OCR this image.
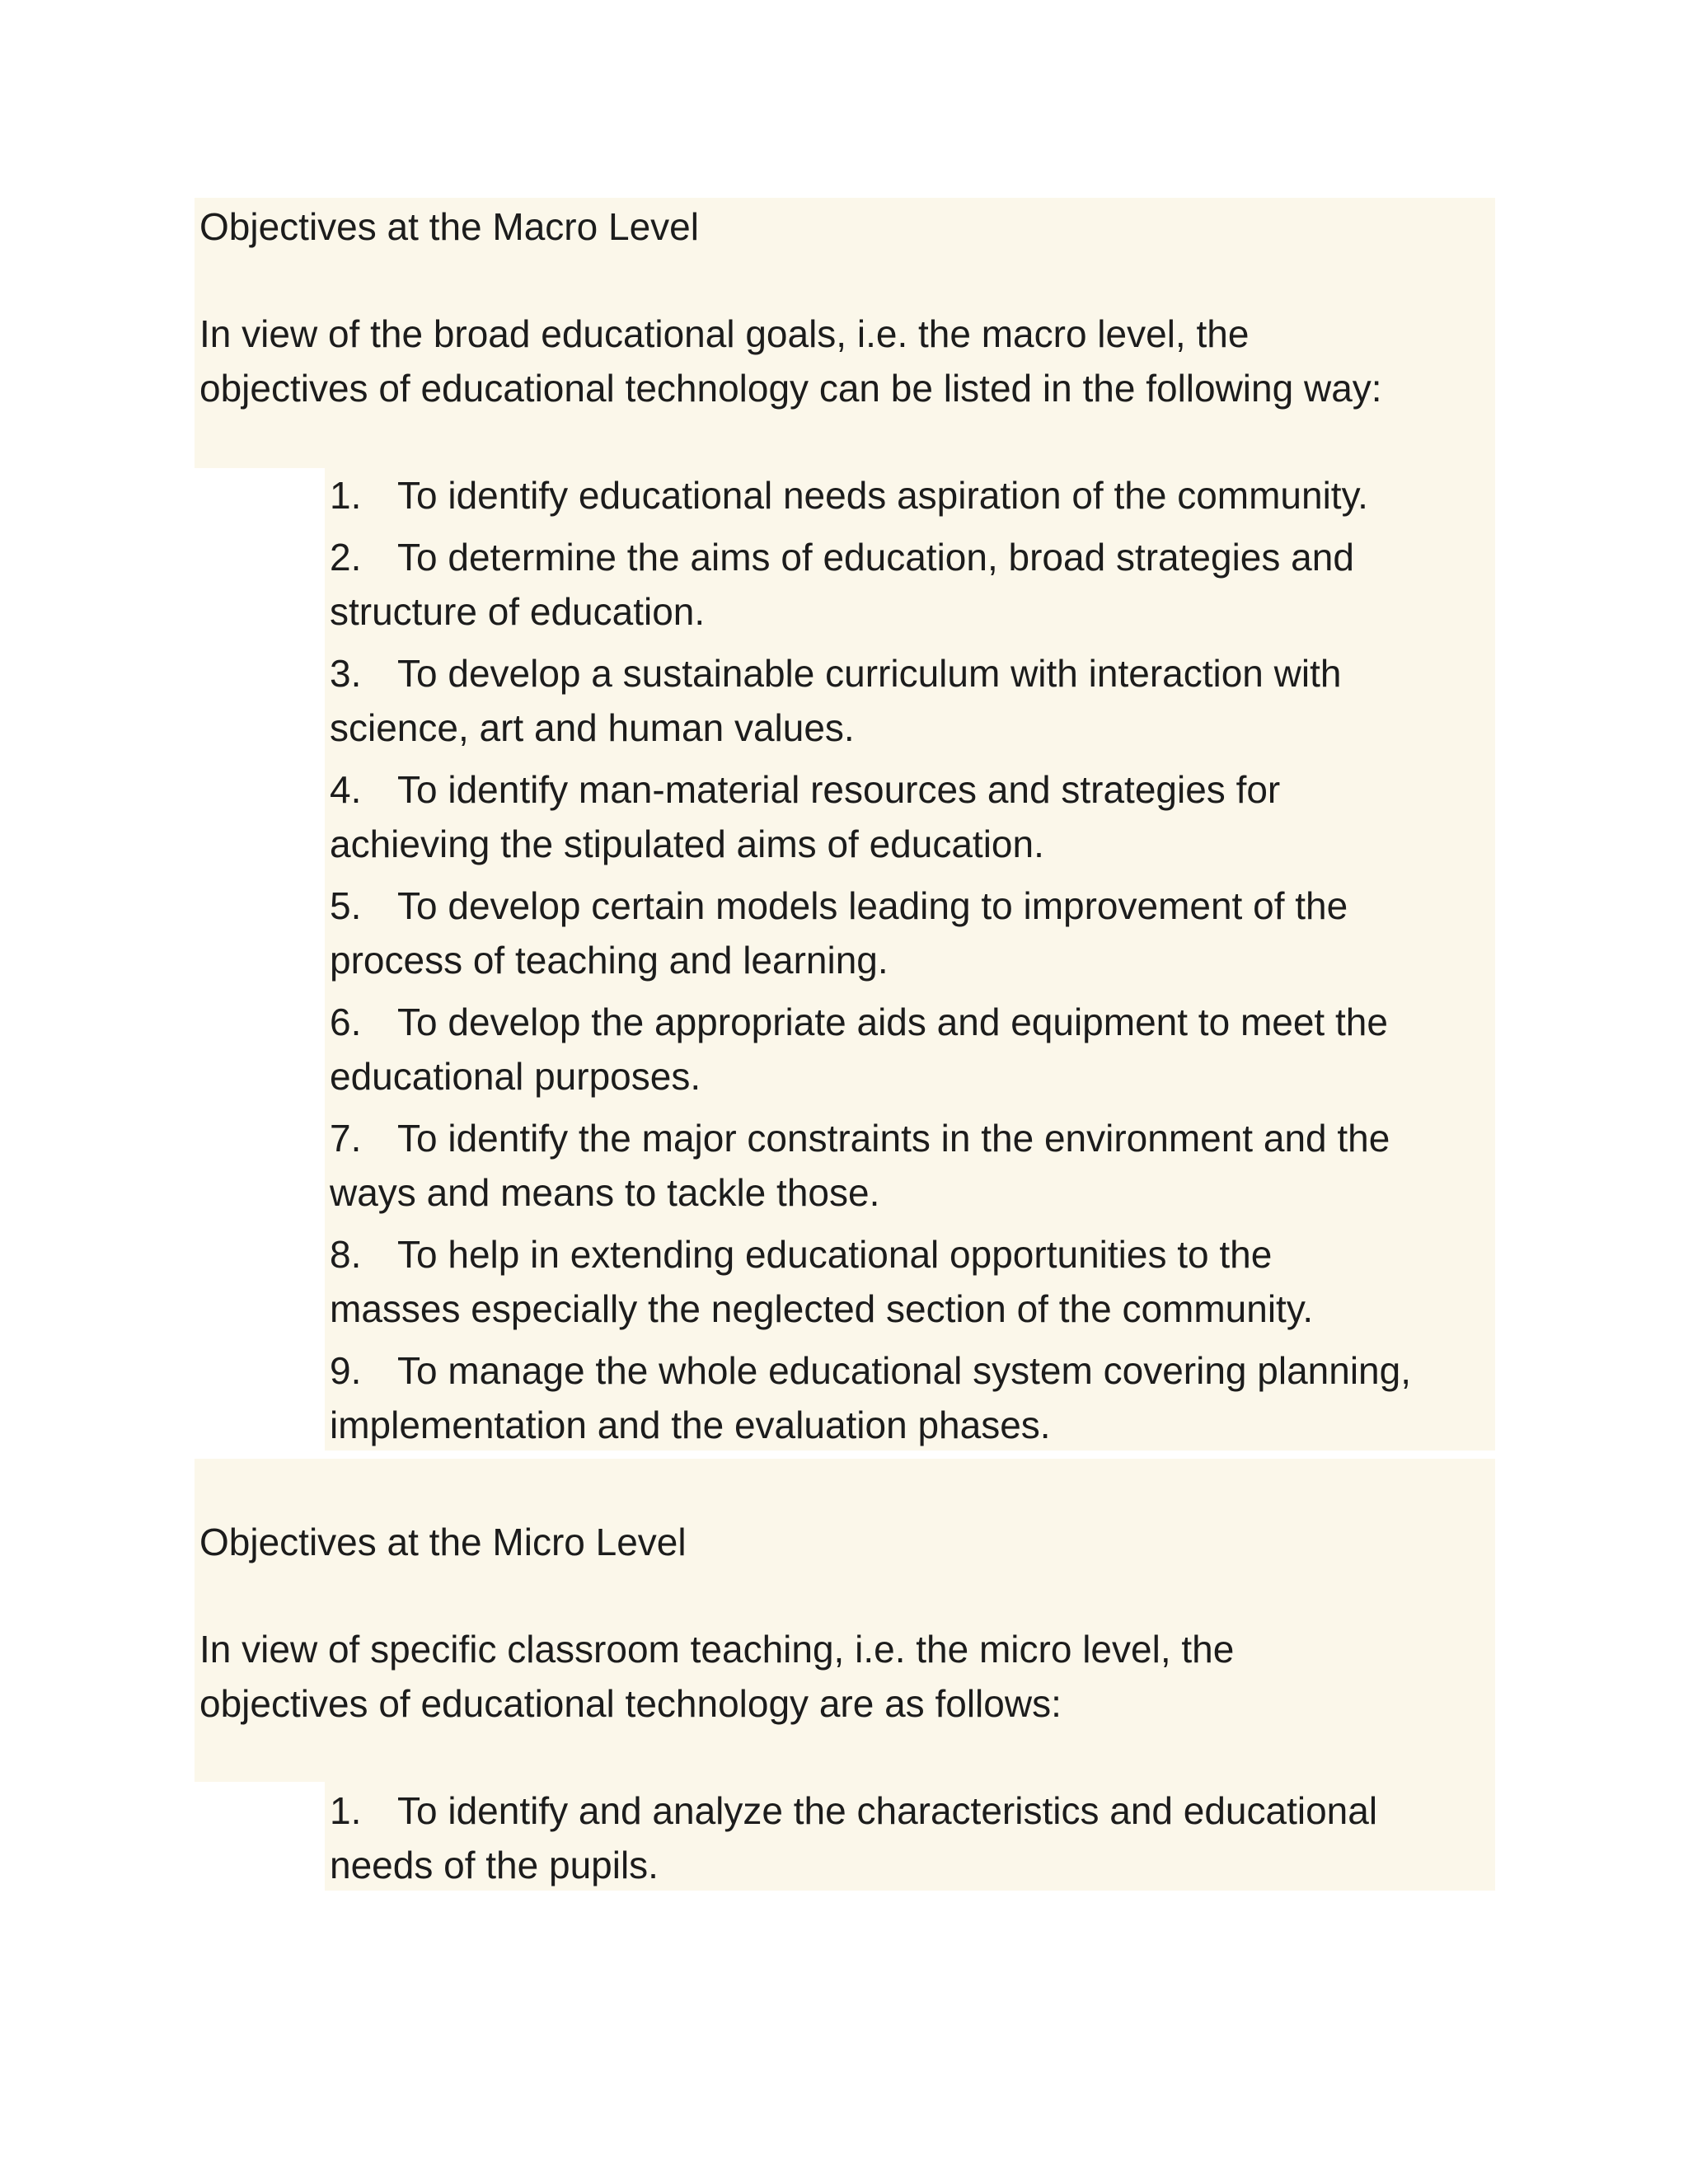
Objectives at the Macro Level
In view of the broad educational goals, i.e. the macro level, the
objectives of educational technology can be listed in the following way:
1. To identify educational needs aspiration of the community.
2. To determine the aims of education, broad strategies and
structure of education.
3. To develop a sustainable curriculum with interaction with
science, art and human values.
4. To identify man-material resources and strategies for
achieving the stipulated aims of education.
5. To develop certain models leading to improvement of the
process of teaching and learning.
6. To develop the appropriate aids and equipment to meet the
educational purposes.
7. To identify the major constraints in the environment and the
ways and means to tackle those.
8. To help in extending educational opportunities to the
masses especially the neglected section of the community.
9. To manage the whole educational system covering planning,
implementation and the evaluation phases.
Objectives at the Micro Level
In view of specific classroom teaching, i.e. the micro level, the
objectives of educational technology are as follows:
1. To identify and analyze the characteristics and educational
needs of the pupils.
